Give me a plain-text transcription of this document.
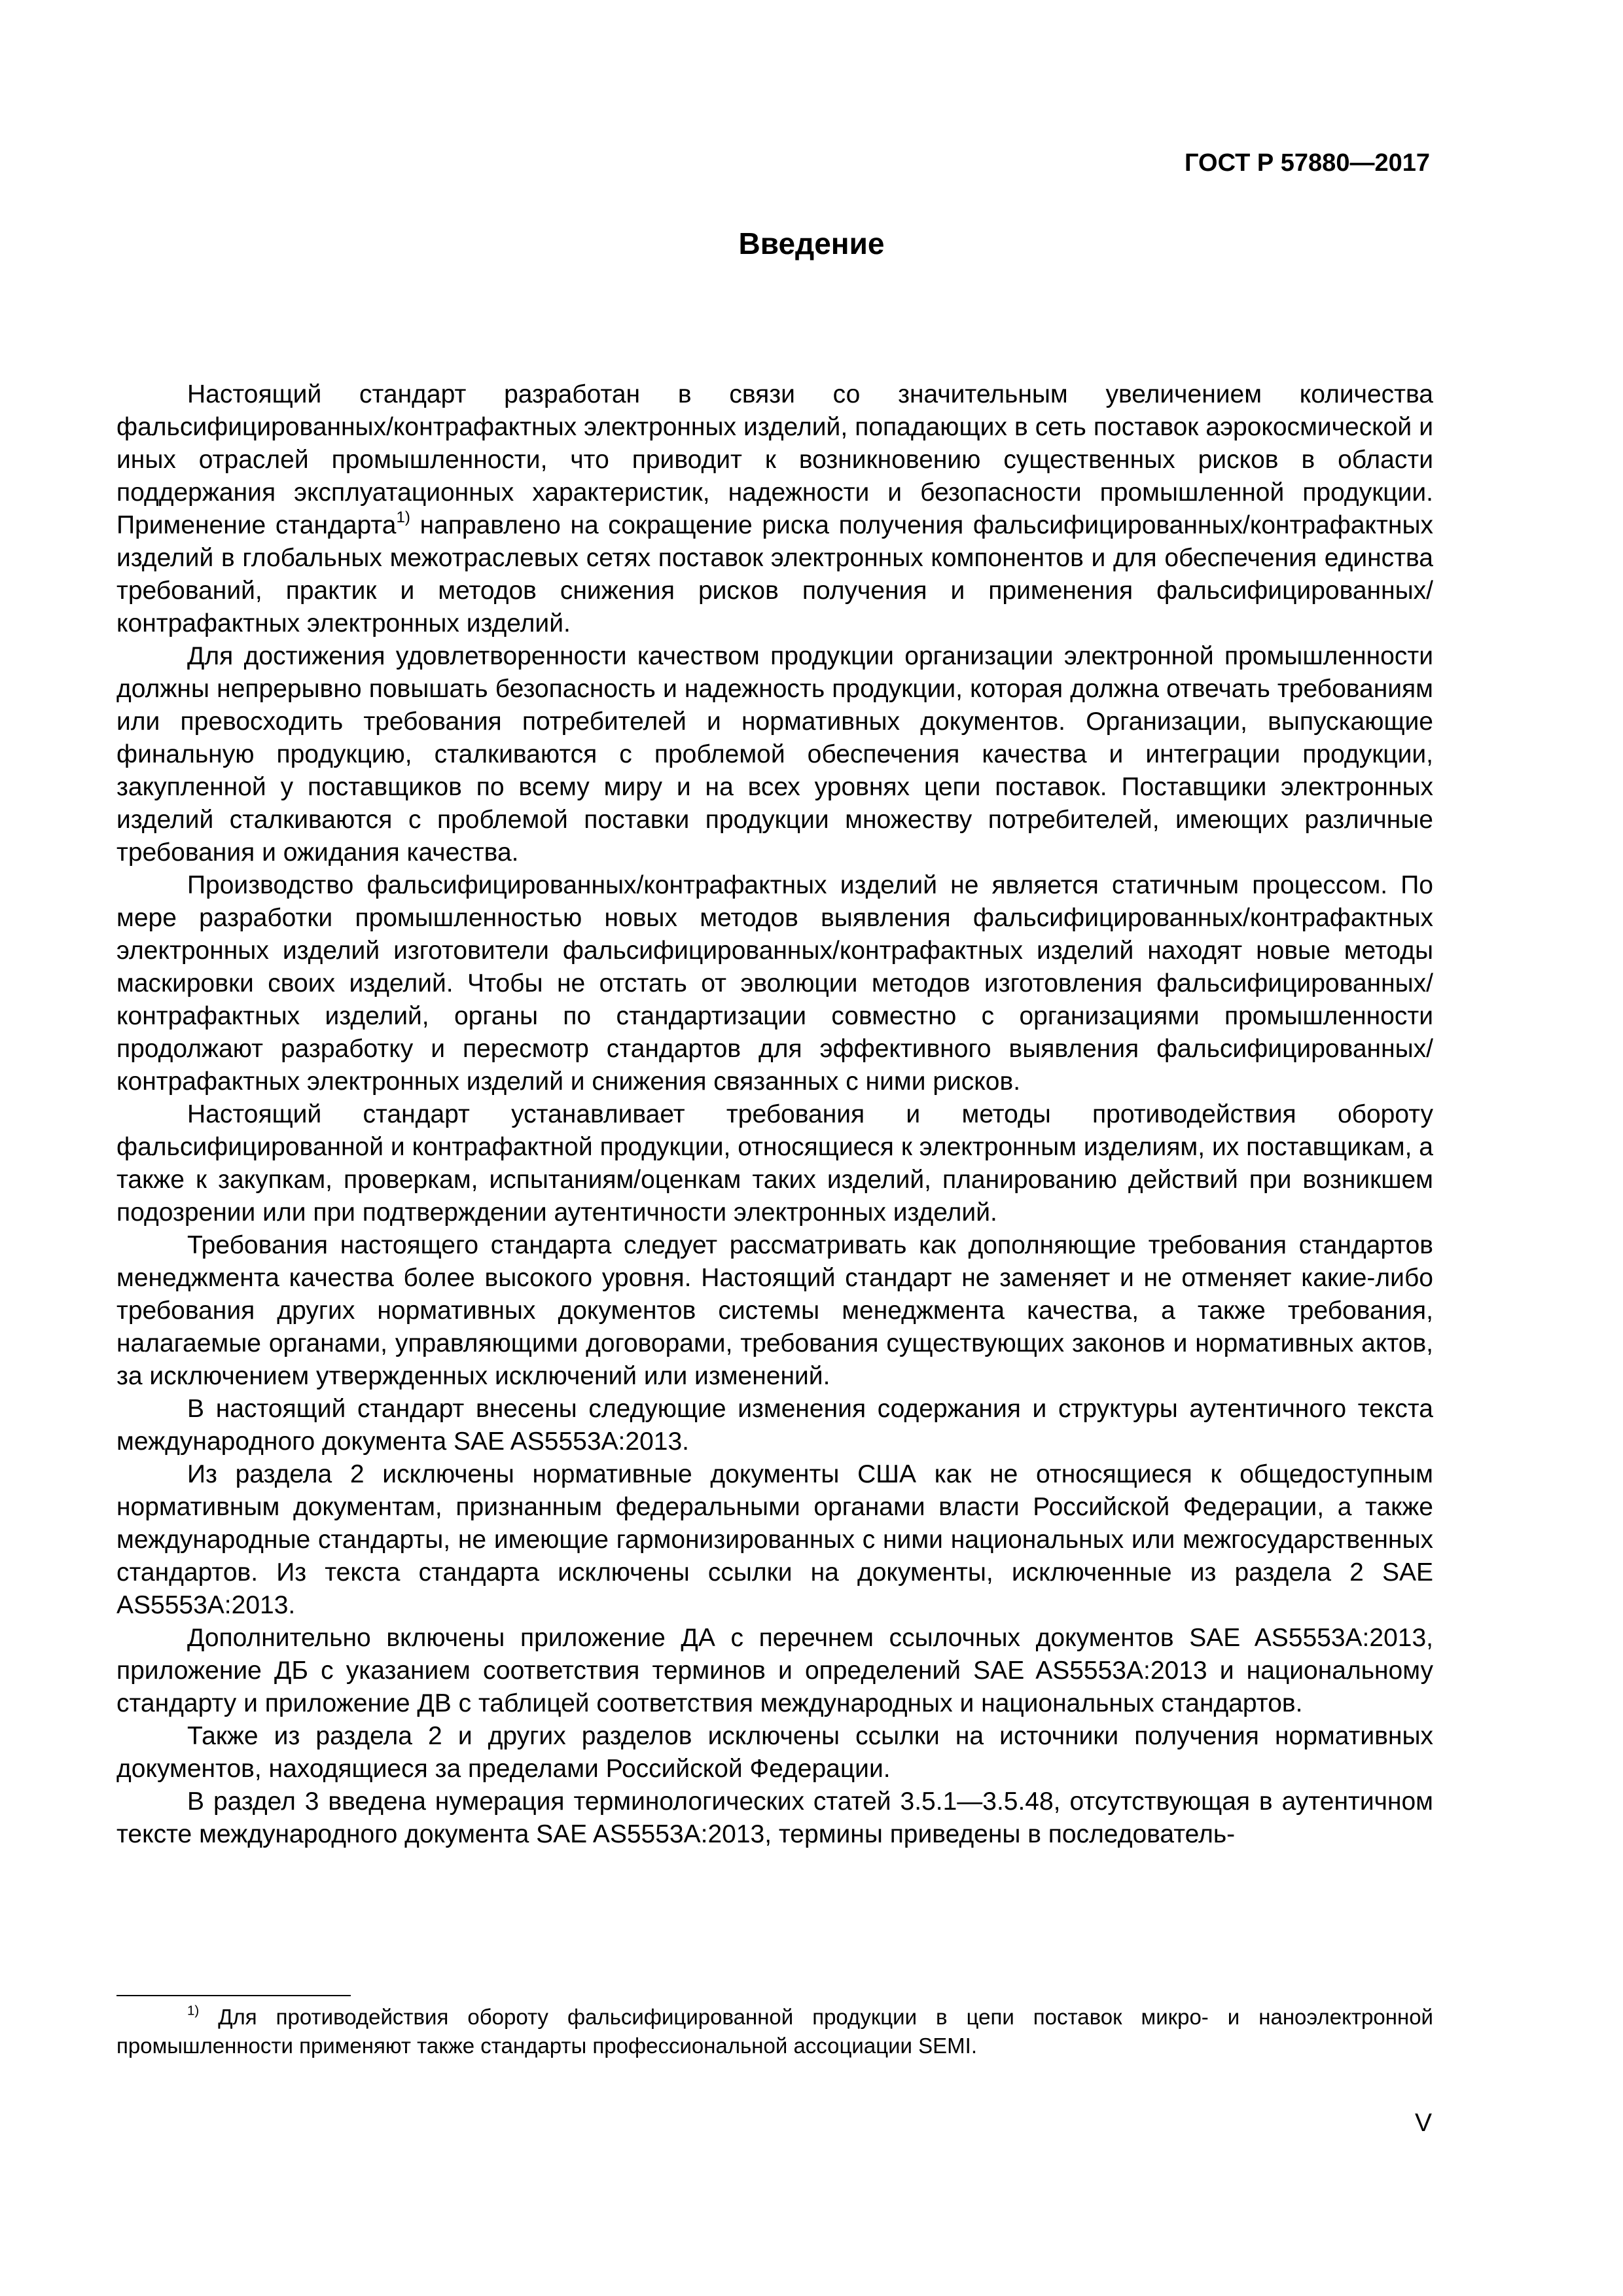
ГОСТ Р 57880—2017
Введение

Настоящий стандарт разработан в связи со значительным увеличением количества фальсифицированных/контрафактных электронных изделий, попадающих в сеть поставок аэрокосмической и иных отраслей промышленности, что приводит к возникновению существенных рисков в области поддержания эксплуатационных характеристик, надежности и безопасности промышленной продукции. Применение стандарта$^{1)}$ направлено на сокращение риска получения фальсифицированных/контрафактных изделий в глобальных межотраслевых сетях поставок электронных компонентов и для обеспечения единства требований, практик и методов снижения рисков получения и применения фальсифицированных/контрафактных электронных изделий.

Для достижения удовлетворенности качеством продукции организации электронной промышленности должны непрерывно повышать безопасность и надежность продукции, которая должна отвечать требованиям или превосходить требования потребителей и нормативных документов. Организации, выпускающие финальную продукцию, сталкиваются с проблемой обеспечения качества и интеграции продукции, закупленной у поставщиков по всему миру и на всех уровнях цепи поставок. Поставщики электронных изделий сталкиваются с проблемой поставки продукции множеству потребителей, имеющих различные требования и ожидания качества.

Производство фальсифицированных/контрафактных изделий не является статичным процессом. По мере разработки промышленностью новых методов выявления фальсифицированных/контрафактных электронных изделий изготовители фальсифицированных/контрафактных изделий находят новые методы маскировки своих изделий. Чтобы не отстать от эволюции методов изготовления фальсифицированных/контрафактных изделий, органы по стандартизации совместно с организациями промышленности продолжают разработку и пересмотр стандартов для эффективного выявления фальсифицированных/контрафактных электронных изделий и снижения связанных с ними рисков.

Настоящий стандарт устанавливает требования и методы противодействия обороту фальсифицированной и контрафактной продукции, относящиеся к электронным изделиям, их поставщикам, а также к закупкам, проверкам, испытаниям/оценкам таких изделий, планированию действий при возникшем подозрении или при подтверждении аутентичности электронных изделий.

Требования настоящего стандарта следует рассматривать как дополняющие требования стандартов менеджмента качества более высокого уровня. Настоящий стандарт не заменяет и не отменяет какие-либо требования других нормативных документов системы менеджмента качества, а также требования, налагаемые органами, управляющими договорами, требования существующих законов и нормативных актов, за исключением утвержденных исключений или изменений.

В настоящий стандарт внесены следующие изменения содержания и структуры аутентичного текста международного документа SAE AS5553A:2013.

Из раздела 2 исключены нормативные документы США как не относящиеся к общедоступным нормативным документам, признанным федеральными органами власти Российской Федерации, а также международные стандарты, не имеющие гармонизированных с ними национальных или межгосударственных стандартов. Из текста стандарта исключены ссылки на документы, исключенные из раздела 2 SAE AS5553A:2013.

Дополнительно включены приложение ДА с перечнем ссылочных документов SAE AS5553A:2013, приложение ДБ с указанием соответствия терминов и определений SAE AS5553A:2013 и национальному стандарту и приложение ДВ с таблицей соответствия международных и национальных стандартов.

Также из раздела 2 и других разделов исключены ссылки на источники получения нормативных документов, находящиеся за пределами Российской Федерации.

В раздел 3 введена нумерация терминологических статей 3.5.1—3.5.48, отсутствующая в аутентичном тексте международного документа SAE AS5553A:2013, термины приведены в последователь-

$^{1)}$ Для противодействия обороту фальсифицированной продукции в цепи поставок микро- и наноэлектронной промышленности применяют также стандарты профессиональной ассоциации SEMI.
V
